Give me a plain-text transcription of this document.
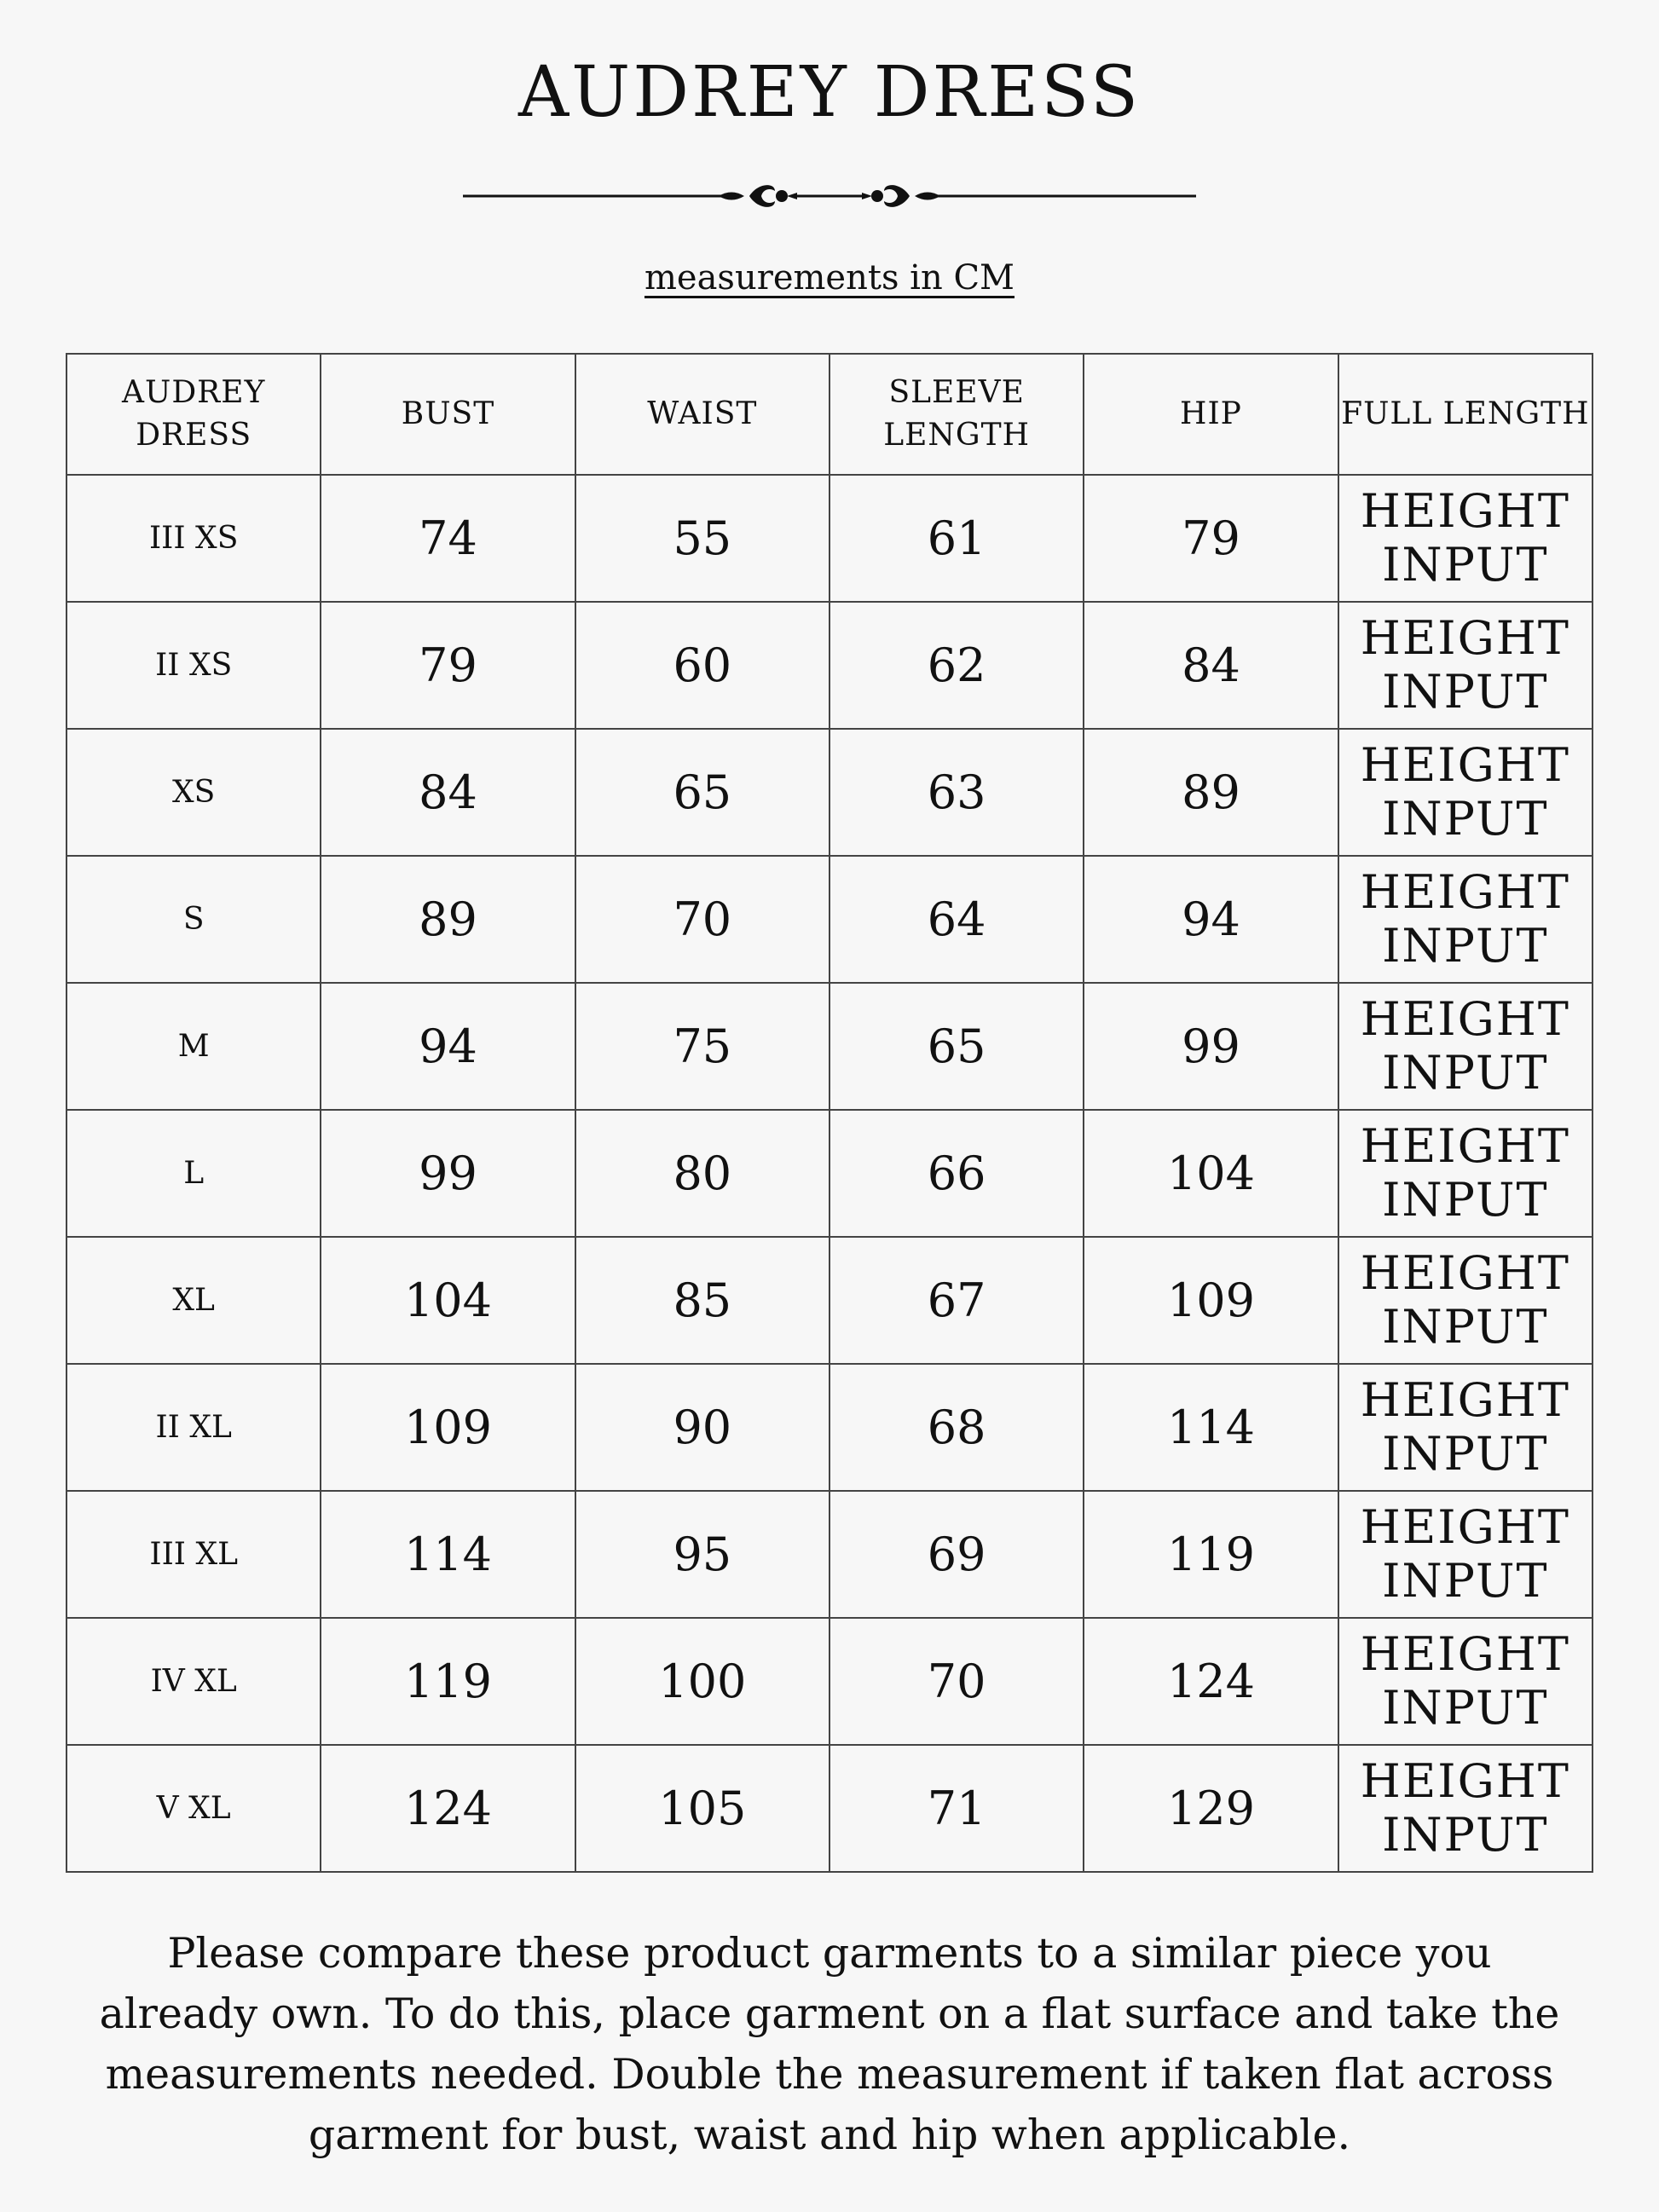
AUDREY DRESS
measurements in CM
AUDREY DRESS	BUST	WAIST	SLEEVE LENGTH	HIP	FULL LENGTH
III XS	74	55	61	79	HEIGHT INPUT
II XS	79	60	62	84	HEIGHT INPUT
XS	84	65	63	89	HEIGHT INPUT
S	89	70	64	94	HEIGHT INPUT
M	94	75	65	99	HEIGHT INPUT
L	99	80	66	104	HEIGHT INPUT
XL	104	85	67	109	HEIGHT INPUT
II XL	109	90	68	114	HEIGHT INPUT
III XL	114	95	69	119	HEIGHT INPUT
IV XL	119	100	70	124	HEIGHT INPUT
V XL	124	105	71	129	HEIGHT INPUT
Please compare these product garments to a similar piece you already own. To do this, place garment on a flat surface and take the measurements needed. Double the measurement if taken flat across garment for bust, waist and hip when applicable.
